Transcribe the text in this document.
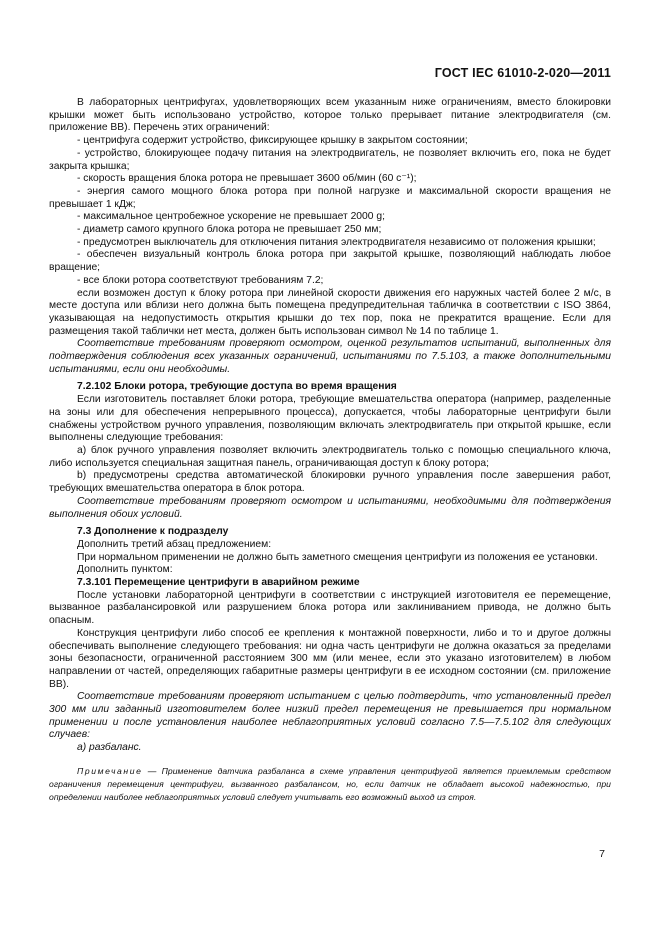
ГОСТ IEC 61010-2-020—2011

В лабораторных центрифугах, удовлетворяющих всем указанным ниже ограничениям, вместо блокировки крышки может быть использовано устройство, которое только прерывает питание электродвигателя (см. приложение ВВ). Перечень этих ограничений:

- центрифуга содержит устройство, фиксирующее крышку в закрытом состоянии;

- устройство, блокирующее подачу питания на электродвигатель, не позволяет включить его, пока не будет закрыта крышка;

- скорость вращения блока ротора не превышает 3600 об/мин (60 с⁻¹);

- энергия самого мощного блока ротора при полной нагрузке и максимальной скорости вращения не превышает 1 кДж;

- максимальное центробежное ускорение не превышает 2000 g;

- диаметр самого крупного блока ротора не превышает 250 мм;

- предусмотрен выключатель для отключения питания электродвигателя независимо от положения крышки;

- обеспечен визуальный контроль блока ротора при закрытой крышке, позволяющий наблюдать любое вращение;

- все блоки ротора соответствуют требованиям 7.2;

если возможен доступ к блоку ротора при линейной скорости движения его наружных частей более 2 м/с, в месте доступа или вблизи него должна быть помещена предупредительная табличка в соответствии с ISO 3864, указывающая на недопустимость открытия крышки до тех пор, пока не прекратится вращение. Если для размещения такой таблички нет места, должен быть использован символ № 14 по таблице 1.

Соответствие требованиям проверяют осмотром, оценкой результатов испытаний, выполненных для подтверждения соблюдения всех указанных ограничений, испытаниями по 7.5.103, а также дополнительными испытаниями, если они необходимы.

7.2.102 Блоки ротора, требующие доступа во время вращения

Если изготовитель поставляет блоки ротора, требующие вмешательства оператора (например, разделенные на зоны или для обеспечения непрерывного процесса), допускается, чтобы лабораторные центрифуги были снабжены устройством ручного управления, позволяющим включать электродвигатель при открытой крышке, если выполнены следующие требования:

а) блок ручного управления позволяет включить электродвигатель только с помощью специального ключа, либо используется специальная защитная панель, ограничивающая доступ к блоку ротора;

b) предусмотрены средства автоматической блокировки ручного управления после завершения работ, требующих вмешательства оператора в блок ротора.

Соответствие требованиям проверяют осмотром и испытаниями, необходимыми для подтверждения выполнения обоих условий.

7.3 Дополнение к подразделу

Дополнить третий абзац предложением:

При нормальном применении не должно быть заметного смещения центрифуги из положения ее установки.

Дополнить пунктом:

7.3.101 Перемещение центрифуги в аварийном режиме

После установки лабораторной центрифуги в соответствии с инструкцией изготовителя ее перемещение, вызванное разбалансировкой или разрушением блока ротора или заклиниванием привода, не должно быть опасным.

Конструкция центрифуги либо способ ее крепления к монтажной поверхности, либо и то и другое должны обеспечивать выполнение следующего требования: ни одна часть центрифуги не должна оказаться за пределами зоны безопасности, ограниченной расстоянием 300 мм (или менее, если это указано изготовителем) в любом направлении от частей, определяющих габаритные размеры центрифуги в ее исходном состоянии (см. приложение ВВ).

Соответствие требованиям проверяют испытанием с целью подтвердить, что установленный предел 300 мм или заданный изготовителем более низкий предел перемещения не превышается при нормальном применении и после установления наиболее неблагоприятных условий согласно 7.5—7.5.102 для следующих случаев:

а) разбаланс.

Примечание — Применение датчика разбаланса в схеме управления центрифугой является приемлемым средством ограничения перемещения центрифуги, вызванного разбалансом, но, если датчик не обладает высокой надежностью, при определении наиболее неблагоприятных условий следует учитывать его возможный выход из строя.

7
